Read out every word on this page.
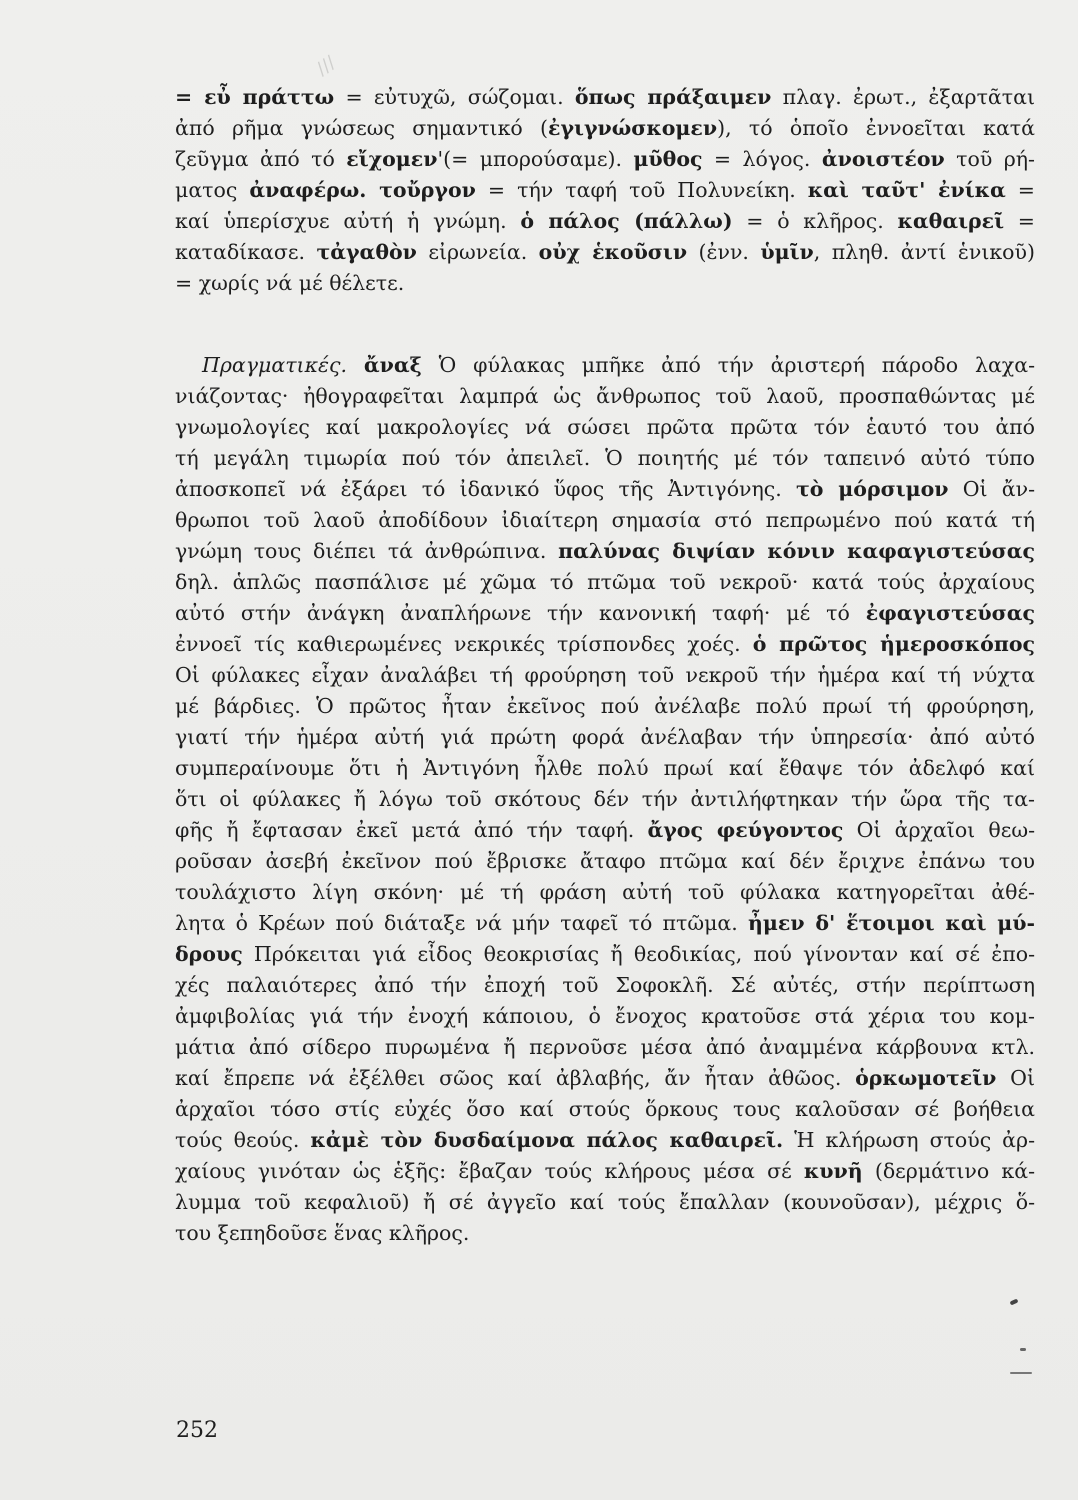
///

= εὖ πράττω = εὐτυχῶ, σώζομαι. ὅπως πράξαιμεν πλαγ. ἐρωτ., ἐξαρτᾶται
ἀπό ρῆμα γνώσεως σημαντικό (ἐγιγνώσκομεν), τό ὁποῖο ἐννοεῖται κατά
ζεῦγμα ἀπό τό εἴχομεν'(= μπορούσαμε). μῦθος = λόγος. ἀνοιστέον τοῦ ρή-
ματος ἀναφέρω. τοὔργον = τήν ταφή τοῦ Πολυνείκη. καὶ ταῦτ' ἐνίκα =
καί ὑπερίσχυε αὐτή ἡ γνώμη. ὁ πάλος (πάλλω) = ὁ κλῆρος. καθαιρεῖ =
καταδίκασε. τἀγαθὸν εἰρωνεία. οὐχ ἑκοῦσιν (ἐνν. ὑμῖν, πληθ. ἀντί ἑνικοῦ)
= χωρίς νά μέ θέλετε.

Πραγματικές. ἄναξ Ὁ φύλακας μπῆκε ἀπό τήν ἀριστερή πάροδο λαχα-
νιάζοντας· ἠθογραφεῖται λαμπρά ὡς ἄνθρωπος τοῦ λαοῦ, προσπαθώντας μέ
γνωμολογίες καί μακρολογίες νά σώσει πρῶτα πρῶτα τόν ἑαυτό του ἀπό
τή μεγάλη τιμωρία πού τόν ἀπειλεῖ. Ὁ ποιητής μέ τόν ταπεινό αὐτό τύπο
ἀποσκοπεῖ νά ἐξάρει τό ἰδανικό ὕφος τῆς Ἀντιγόνης. τὸ μόρσιμον Οἱ ἄν-
θρωποι τοῦ λαοῦ ἀποδίδουν ἰδιαίτερη σημασία στό πεπρωμένο πού κατά τή
γνώμη τους διέπει τά ἀνθρώπινα. παλύνας διψίαν κόνιν καφαγιστεύσας
δηλ. ἁπλῶς πασπάλισε μέ χῶμα τό πτῶμα τοῦ νεκροῦ· κατά τούς ἀρχαίους
αὐτό στήν ἀνάγκη ἀναπλήρωνε τήν κανονική ταφή· μέ τό ἐφαγιστεύσας
ἐννοεῖ τίς καθιερωμένες νεκρικές τρίσπονδες χοές. ὁ πρῶτος ἡμεροσκόπος
Οἱ φύλακες εἶχαν ἀναλάβει τή φρούρηση τοῦ νεκροῦ τήν ἡμέρα καί τή νύχτα
μέ βάρδιες. Ὁ πρῶτος ἦταν ἐκεῖνος πού ἀνέλαβε πολύ πρωί τή φρούρηση,
γιατί τήν ἡμέρα αὐτή γιά πρώτη φορά ἀνέλαβαν τήν ὑπηρεσία· ἀπό αὐτό
συμπεραίνουμε ὅτι ἡ Ἀντιγόνη ἦλθε πολύ πρωί καί ἔθαψε τόν ἀδελφό καί
ὅτι οἱ φύλακες ἤ λόγω τοῦ σκότους δέν τήν ἀντιλήφτηκαν τήν ὥρα τῆς τα-
φῆς ἤ ἔφτασαν ἐκεῖ μετά ἀπό τήν ταφή. ἄγος φεύγοντος Οἱ ἀρχαῖοι θεω-
ροῦσαν ἀσεβή ἐκεῖνον πού ἔβρισκε ἄταφο πτῶμα καί δέν ἔριχνε ἐπάνω του
τουλάχιστο λίγη σκόνη· μέ τή φράση αὐτή τοῦ φύλακα κατηγορεῖται ἀθέ-
λητα ὁ Κρέων πού διάταξε νά μήν ταφεῖ τό πτῶμα. ἦμεν δ' ἕτοιμοι καὶ μύ-
δρους Πρόκειται γιά εἶδος θεοκρισίας ἤ θεοδικίας, πού γίνονταν καί σέ ἐπο-
χές παλαιότερες ἀπό τήν ἐποχή τοῦ Σοφοκλῆ. Σέ αὐτές, στήν περίπτωση
ἀμφιβολίας γιά τήν ἐνοχή κάποιου, ὁ ἔνοχος κρατοῦσε στά χέρια του κομ-
μάτια ἀπό σίδερο πυρωμένα ἤ περνοῦσε μέσα ἀπό ἀναμμένα κάρβουνα κτλ.
καί ἔπρεπε νά ἐξέλθει σῶος καί ἀβλαβής, ἄν ἦταν ἀθῶος. ὁρκωμοτεῖν Οἱ
ἀρχαῖοι τόσο στίς εὐχές ὅσο καί στούς ὅρκους τους καλοῦσαν σέ βοήθεια
τούς θεούς. κἀμὲ τὸν δυσδαίμονα πάλος καθαιρεῖ. Ἡ κλήρωση στούς ἀρ-
χαίους γινόταν ὡς ἑξῆς: ἔβαζαν τούς κλήρους μέσα σέ κυνῆ (δερμάτινο κά-
λυμμα τοῦ κεφαλιοῦ) ἤ σέ ἀγγεῖο καί τούς ἔπαλλαν (κουνοῦσαν), μέχρις ὅ-
του ξεπηδοῦσε ἕνας κλῆρος.

252
